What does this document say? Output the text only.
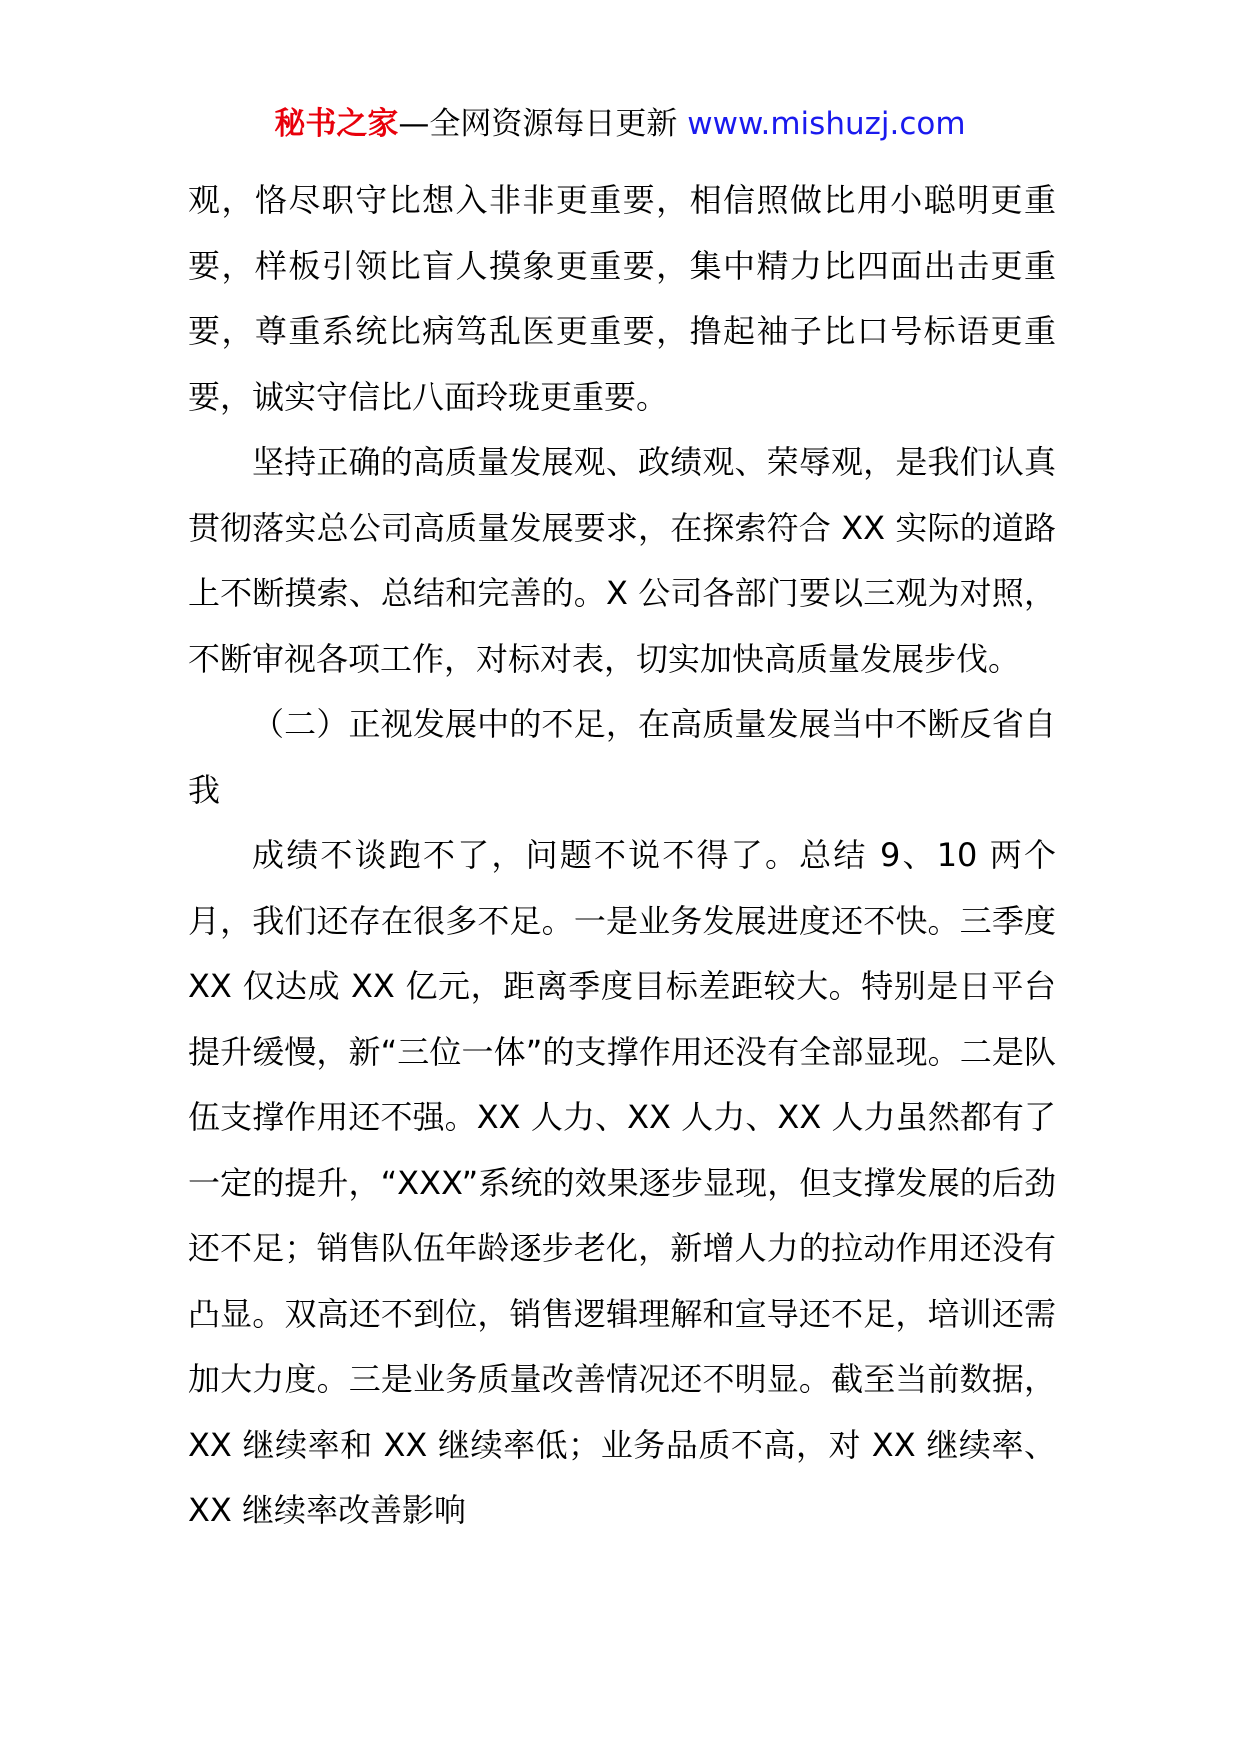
秘书之家—全网资源每日更新 www.mishuzj.com

观，恪尽职守比想入非非更重要，相信照做比用小聪明更重要，样板引领比盲人摸象更重要，集中精力比四面出击更重要，尊重系统比病笃乱医更重要，撸起袖子比口号标语更重要，诚实守信比八面玲珑更重要。

坚持正确的高质量发展观、政绩观、荣辱观，是我们认真贯彻落实总公司高质量发展要求，在探索符合 XX 实际的道路上不断摸索、总结和完善的。X 公司各部门要以三观为对照，不断审视各项工作，对标对表，切实加快高质量发展步伐。

（二）正视发展中的不足，在高质量发展当中不断反省自我

成绩不谈跑不了，问题不说不得了。总结 9、10 两个月，我们还存在很多不足。一是业务发展进度还不快。三季度 XX 仅达成 XX 亿元，距离季度目标差距较大。特别是日平台提升缓慢，新“三位一体”的支撑作用还没有全部显现。二是队伍支撑作用还不强。XX 人力、XX 人力、XX 人力虽然都有了一定的提升，“XXX”系统的效果逐步显现，但支撑发展的后劲还不足；销售队伍年龄逐步老化，新增人力的拉动作用还没有凸显。双高还不到位，销售逻辑理解和宣导还不足，培训还需加大力度。三是业务质量改善情况还不明显。截至当前数据，XX 继续率和 XX 继续率低；业务品质不高，对 XX 继续率、XX 继续率改善影响
